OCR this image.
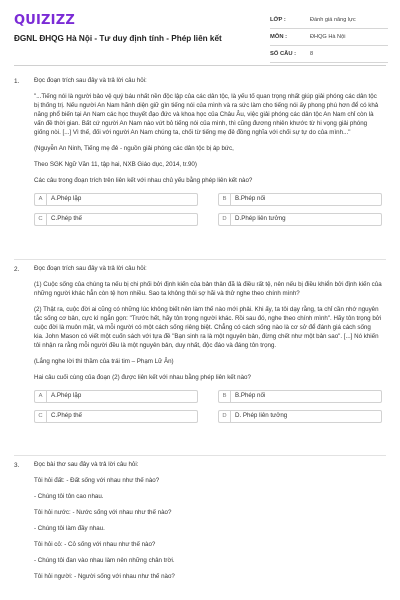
QUIZIZZ
ĐGNL ĐHQG Hà Nội - Tư duy định tính - Phép liên kết
LỚP :	Đánh giá năng lực
MÔN :	ĐHQG Hà Nội
SỐ CÂU :	8
1. Đọc đoạn trích sau đây và trả lời câu hỏi:

"...Tiếng nói là người bảo vệ quý báu nhất nền độc lập của các dân tộc, là yếu tố quan trọng nhất giúp giải phóng các dân tộc bị thống trị. Nếu người An Nam hãnh diện giữ gìn tiếng nói của mình và ra sức làm cho tiếng nói ấy phong phú hơn để có khả năng phổ biến tại An Nam các học thuyết đạo đức và khoa học của Châu Âu, việc giải phóng các dân tộc An Nam chỉ còn là vấn đề thời gian. Bất cứ người An Nam nào vứt bỏ tiếng nói của mình, thì cũng đương nhiên khước từ hi vọng giải phóng giống nòi. [...] Vì thế, đối với người An Nam chúng ta, chối từ tiếng mẹ đẻ đồng nghĩa với chối sự tự do của mình..."

(Nguyễn An Ninh, Tiếng mẹ đẻ - nguồn giải phóng các dân tộc bị áp bức,

Theo SGK Ngữ Văn 11, tập hai, NXB Giáo dục, 2014, tr.90)

Các câu trong đoạn trích trên liên kết với nhau chủ yếu bằng phép liên kết nào?

A	A.Phép lặp	B	B.Phép nối
C	C.Phép thế	D	D.Phép liên tưởng
2. Đọc đoạn trích sau đây và trả lời câu hỏi:

(1) Cuộc sống của chúng ta nếu bị chi phối bởi định kiến của bản thân đã là điều rất tệ, nên nếu bị điều khiển bởi định kiến của những người khác hẳn còn tệ hơn nhiều. Sao ta không thôi sợ hãi và thử nghe theo chính mình?

(2) Thật ra, cuộc đời ai cũng có những lúc không biết nên làm thế nào mới phải. Khi ấy, ta tôi dạy rằng, ta chỉ cần nhớ nguyên tắc sống cơ bản, cực kì ngắn gọn: "Trước hết, hãy tôn trọng người khác. Rồi sau đó, nghe theo chính mình". Hãy tôn trọng bởi cuộc đời là muôn mặt, và mỗi người có một cách sống riêng biệt. Chẳng có cách sống nào là cơ sở để đánh giá cách sống kia. John Mason có viết một cuốn sách với tựa đề "Bạn sinh ra là một nguyên bản, đừng chết như một bản sao". [...] Nó khiến tôi nhận ra rằng mỗi người đều là một nguyên bản, duy nhất, độc đáo và đáng tôn trọng.

(Lắng nghe lời thì thầm của trái tim – Phạm Lữ Ân)

Hai câu cuối cùng của đoạn (2) được liên kết với nhau bằng phép liên kết nào?

A	A.Phép lặp	B	B.Phép nối
C	C.Phép thế	D	D. Phép liên tưởng
3. Đọc bài thơ sau đây và trả lời câu hỏi:

Tôi hỏi đất: - Đất sống với nhau như thế nào?

- Chúng tôi tôn cao nhau.

Tôi hỏi nước: - Nước sống với nhau như thế nào?

- Chúng tôi làm đầy nhau.

Tôi hỏi cỏ: - Cỏ sống với nhau như thế nào?

- Chúng tôi đan vào nhau làm nên những chân trời.

Tôi hỏi người: - Người sống với nhau như thế nào?
